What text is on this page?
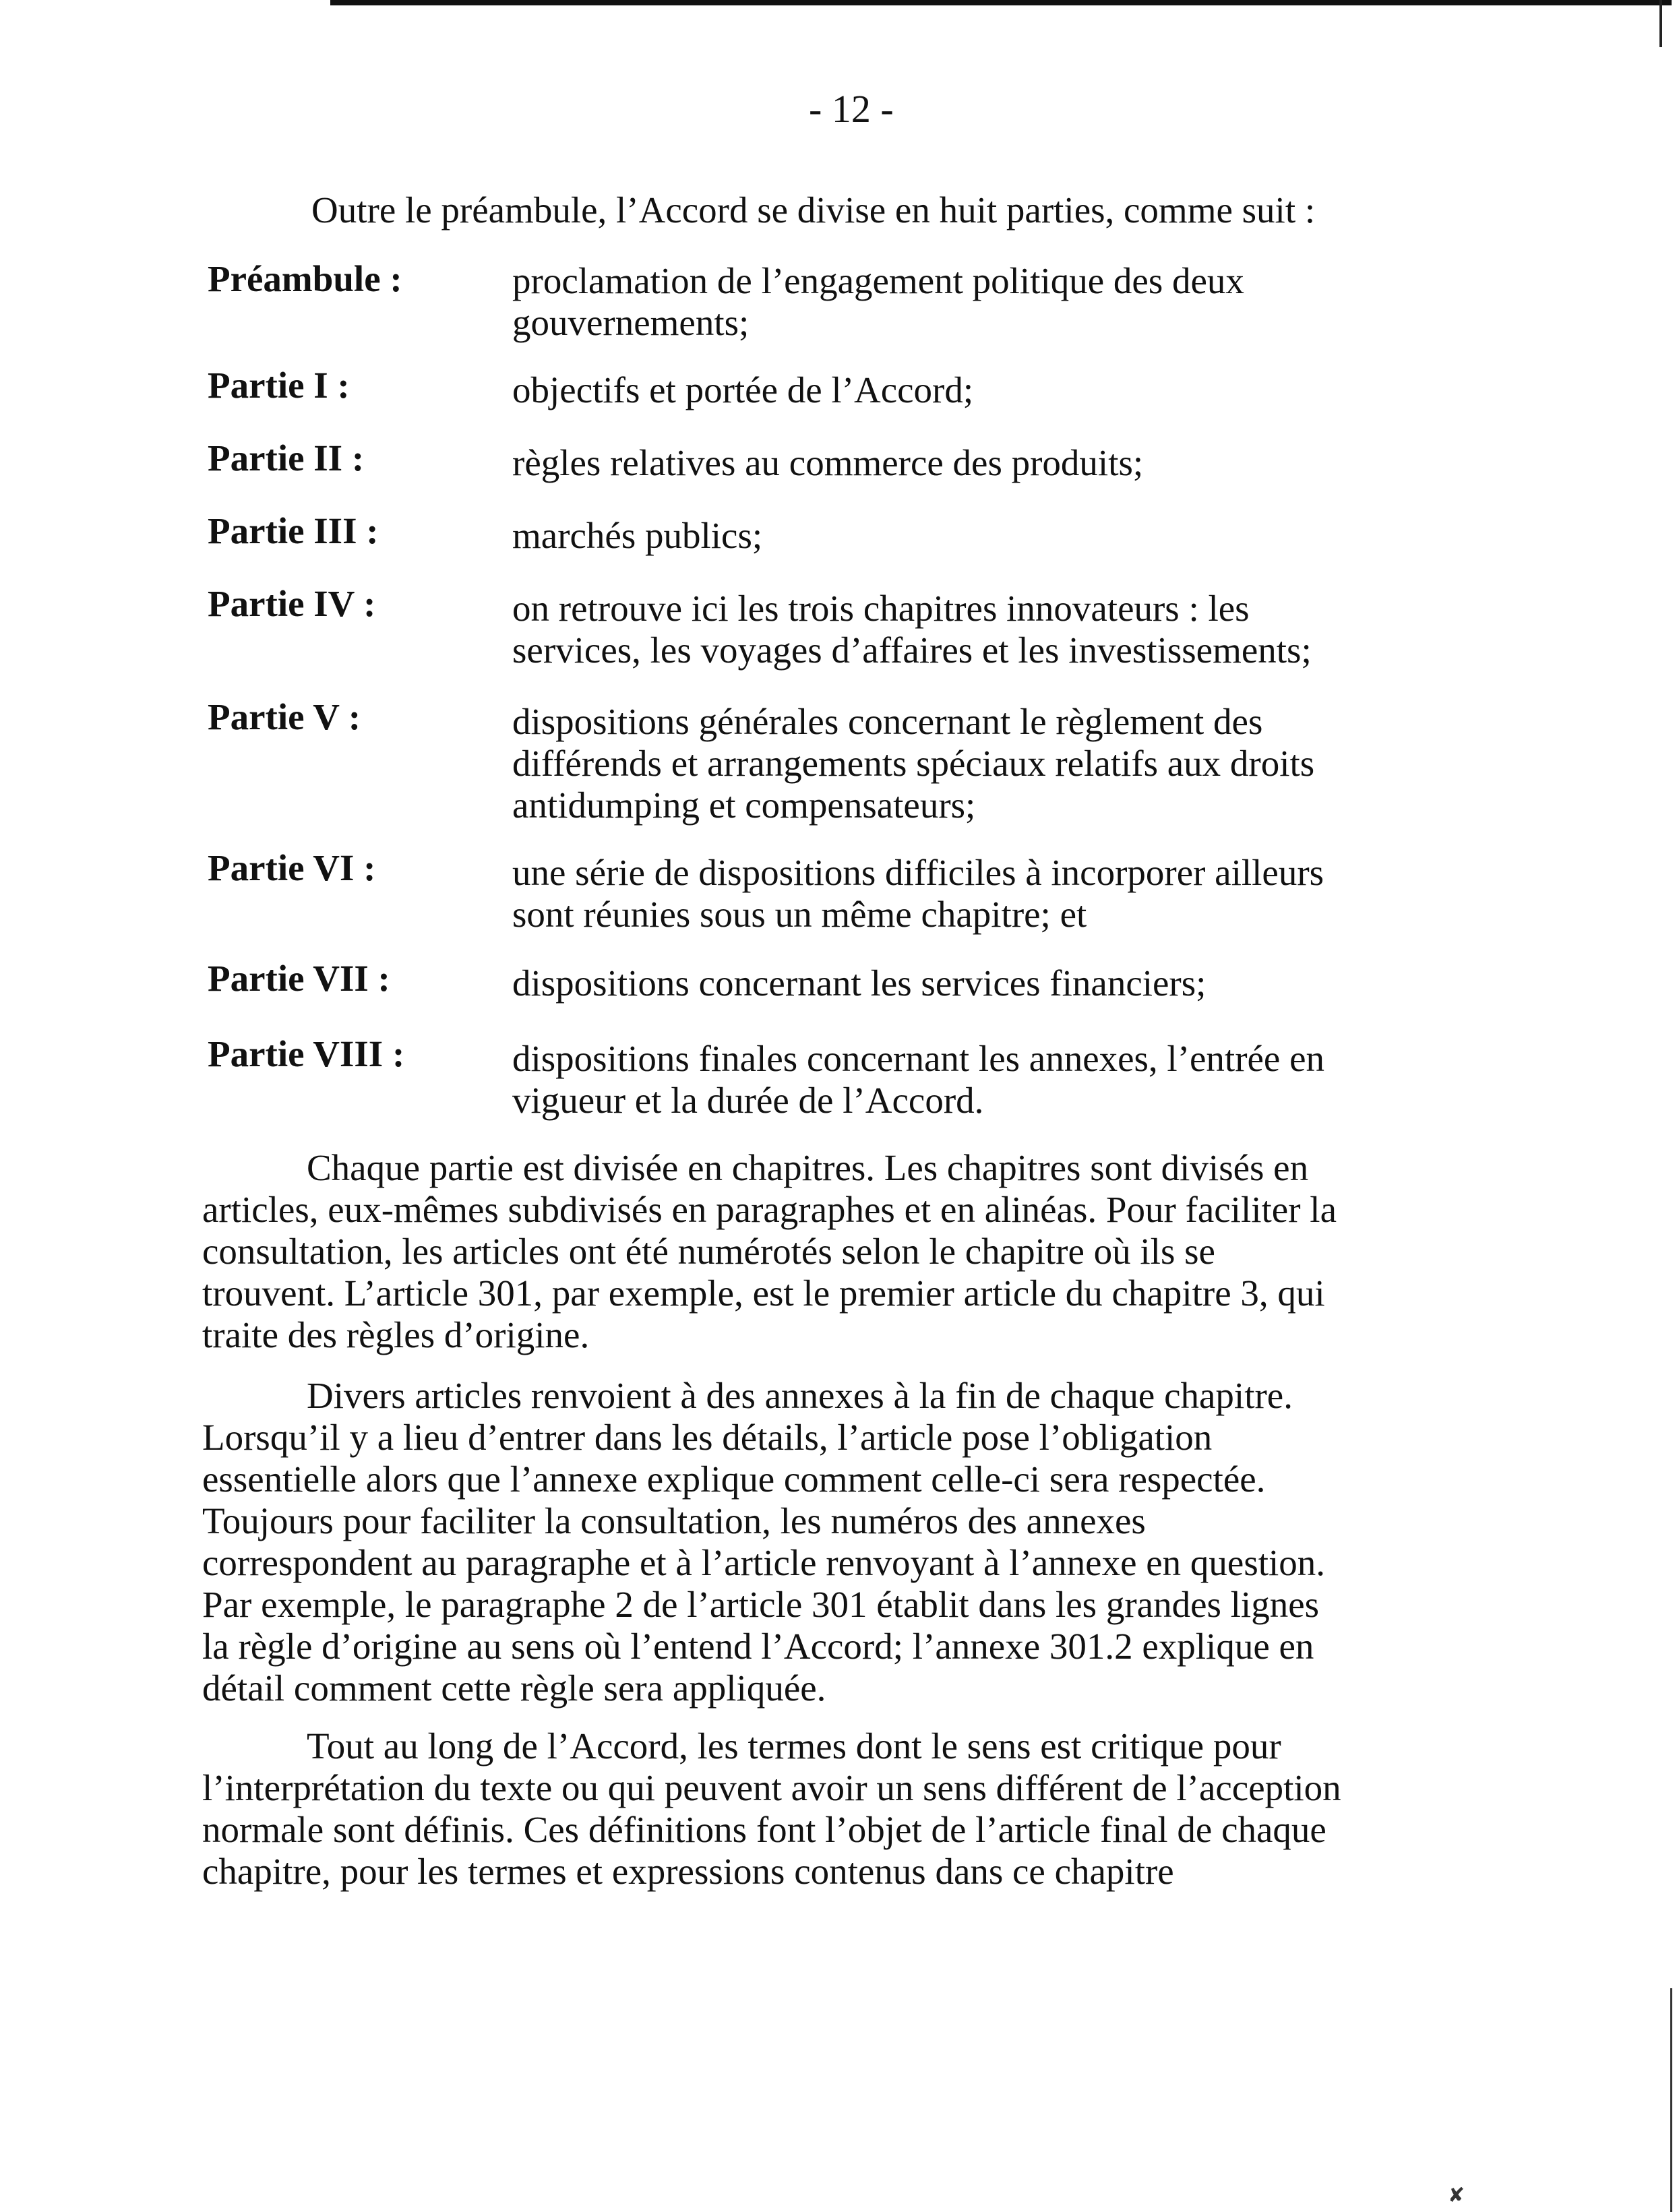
✘
- 12 -
Outre le préambule, l’Accord se divise en huit parties, comme suit :
Préambule :	proclamation de l’engagement politique des deux
gouvernements;
Partie I :	objectifs et portée de l’Accord;
Partie II :	règles relatives au commerce des produits;
Partie III :	marchés publics;
Partie IV :	on retrouve ici les trois chapitres innovateurs : les
services, les voyages d’affaires et les investissements;
Partie V :	dispositions générales concernant le règlement des
différends et arrangements spéciaux relatifs aux droits
antidumping et compensateurs;
Partie VI :	une série de dispositions difficiles à incorporer ailleurs
sont réunies sous un même chapitre; et
Partie VII :	dispositions concernant les services financiers;
Partie VIII :	dispositions finales concernant les annexes, l’entrée en
vigueur et la durée de l’Accord.
Chaque partie est divisée en chapitres. Les chapitres sont divisés en
articles, eux-mêmes subdivisés en paragraphes et en alinéas. Pour faciliter la
consultation, les articles ont été numérotés selon le chapitre où ils se
trouvent. L’article 301, par exemple, est le premier article du chapitre 3, qui
traite des règles d’origine.
Divers articles renvoient à des annexes à la fin de chaque chapitre.
Lorsqu’il y a lieu d’entrer dans les détails, l’article pose l’obligation
essentielle alors que l’annexe explique comment celle-ci sera respectée.
Toujours pour faciliter la consultation, les numéros des annexes
correspondent au paragraphe et à l’article renvoyant à l’annexe en question.
Par exemple, le paragraphe 2 de l’article 301 établit dans les grandes lignes
la règle d’origine au sens où l’entend l’Accord; l’annexe 301.2 explique en
détail comment cette règle sera appliquée.
Tout au long de l’Accord, les termes dont le sens est critique pour
l’interprétation du texte ou qui peuvent avoir un sens différent de l’acception
normale sont définis. Ces définitions font l’objet de l’article final de chaque
chapitre, pour les termes et expressions contenus dans ce chapitre
